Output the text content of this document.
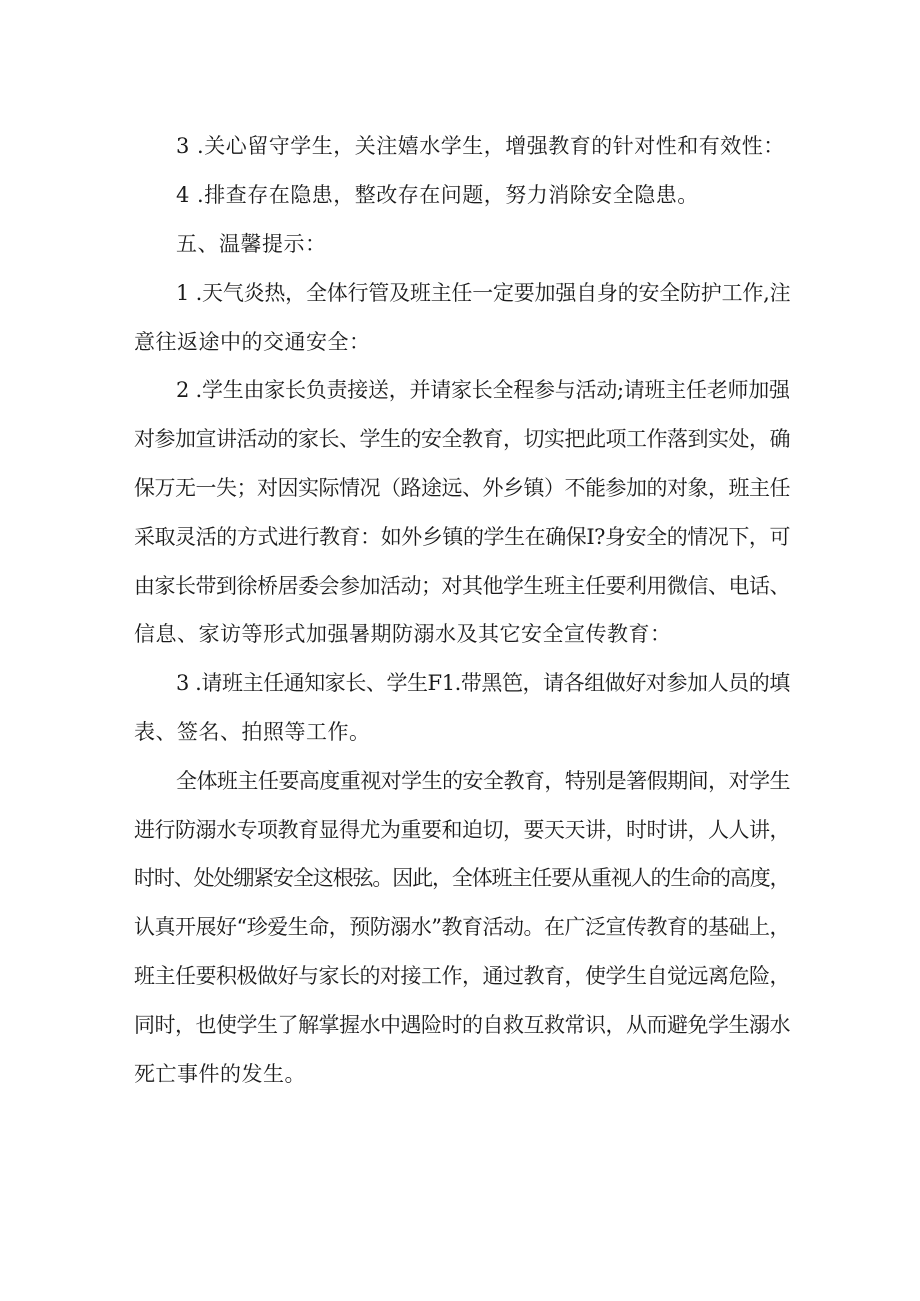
3 .关心留守学生，关注嬉水学生，增强教育的针对性和有效性：
4 .排查存在隐患，整改存在问题，努力消除安全隐患。
五、温馨提示：
1 .天气炎热，全体行管及班主任一定要加强自身的安全防护工作,注
意往返途中的交通安全：
2 .学生由家长负责接送，并请家长全程参与活动;请班主任老师加强
对参加宣讲活动的家长、学生的安全教育，切实把此项工作落到实处，确
保万无一失；对因实际情况（路途远、外乡镇）不能参加的对象，班主任
采取灵活的方式进行教育：如外乡镇的学生在确保I?身安全的情况下，可
由家长带到徐桥居委会参加活动；对其他学生班主任要利用微信、电话、
信息、家访等形式加强暑期防溺水及其它安全宣传教育：
3 .请班主任通知家长、学生F1.带黑笆，请各组做好对参加人员的填
表、签名、拍照等工作。
全体班主任要高度重视对学生的安全教育，特别是箸假期间，对学生
进行防溺水专项教育显得尤为重要和迫切，要天天讲，时时讲，人人讲，
时时、处处绷紧安全这根弦。因此，全体班主任要从重视人的生命的高度，
认真开展好“珍爱生命，预防溺水”教育活动。在广泛宣传教育的基础上，
班主任要积极做好与家长的对接工作，通过教育，使学生自觉远离危险，
同时，也使学生了解掌握水中遇险时的自救互救常识，从而避免学生溺水
死亡事件的发生。
